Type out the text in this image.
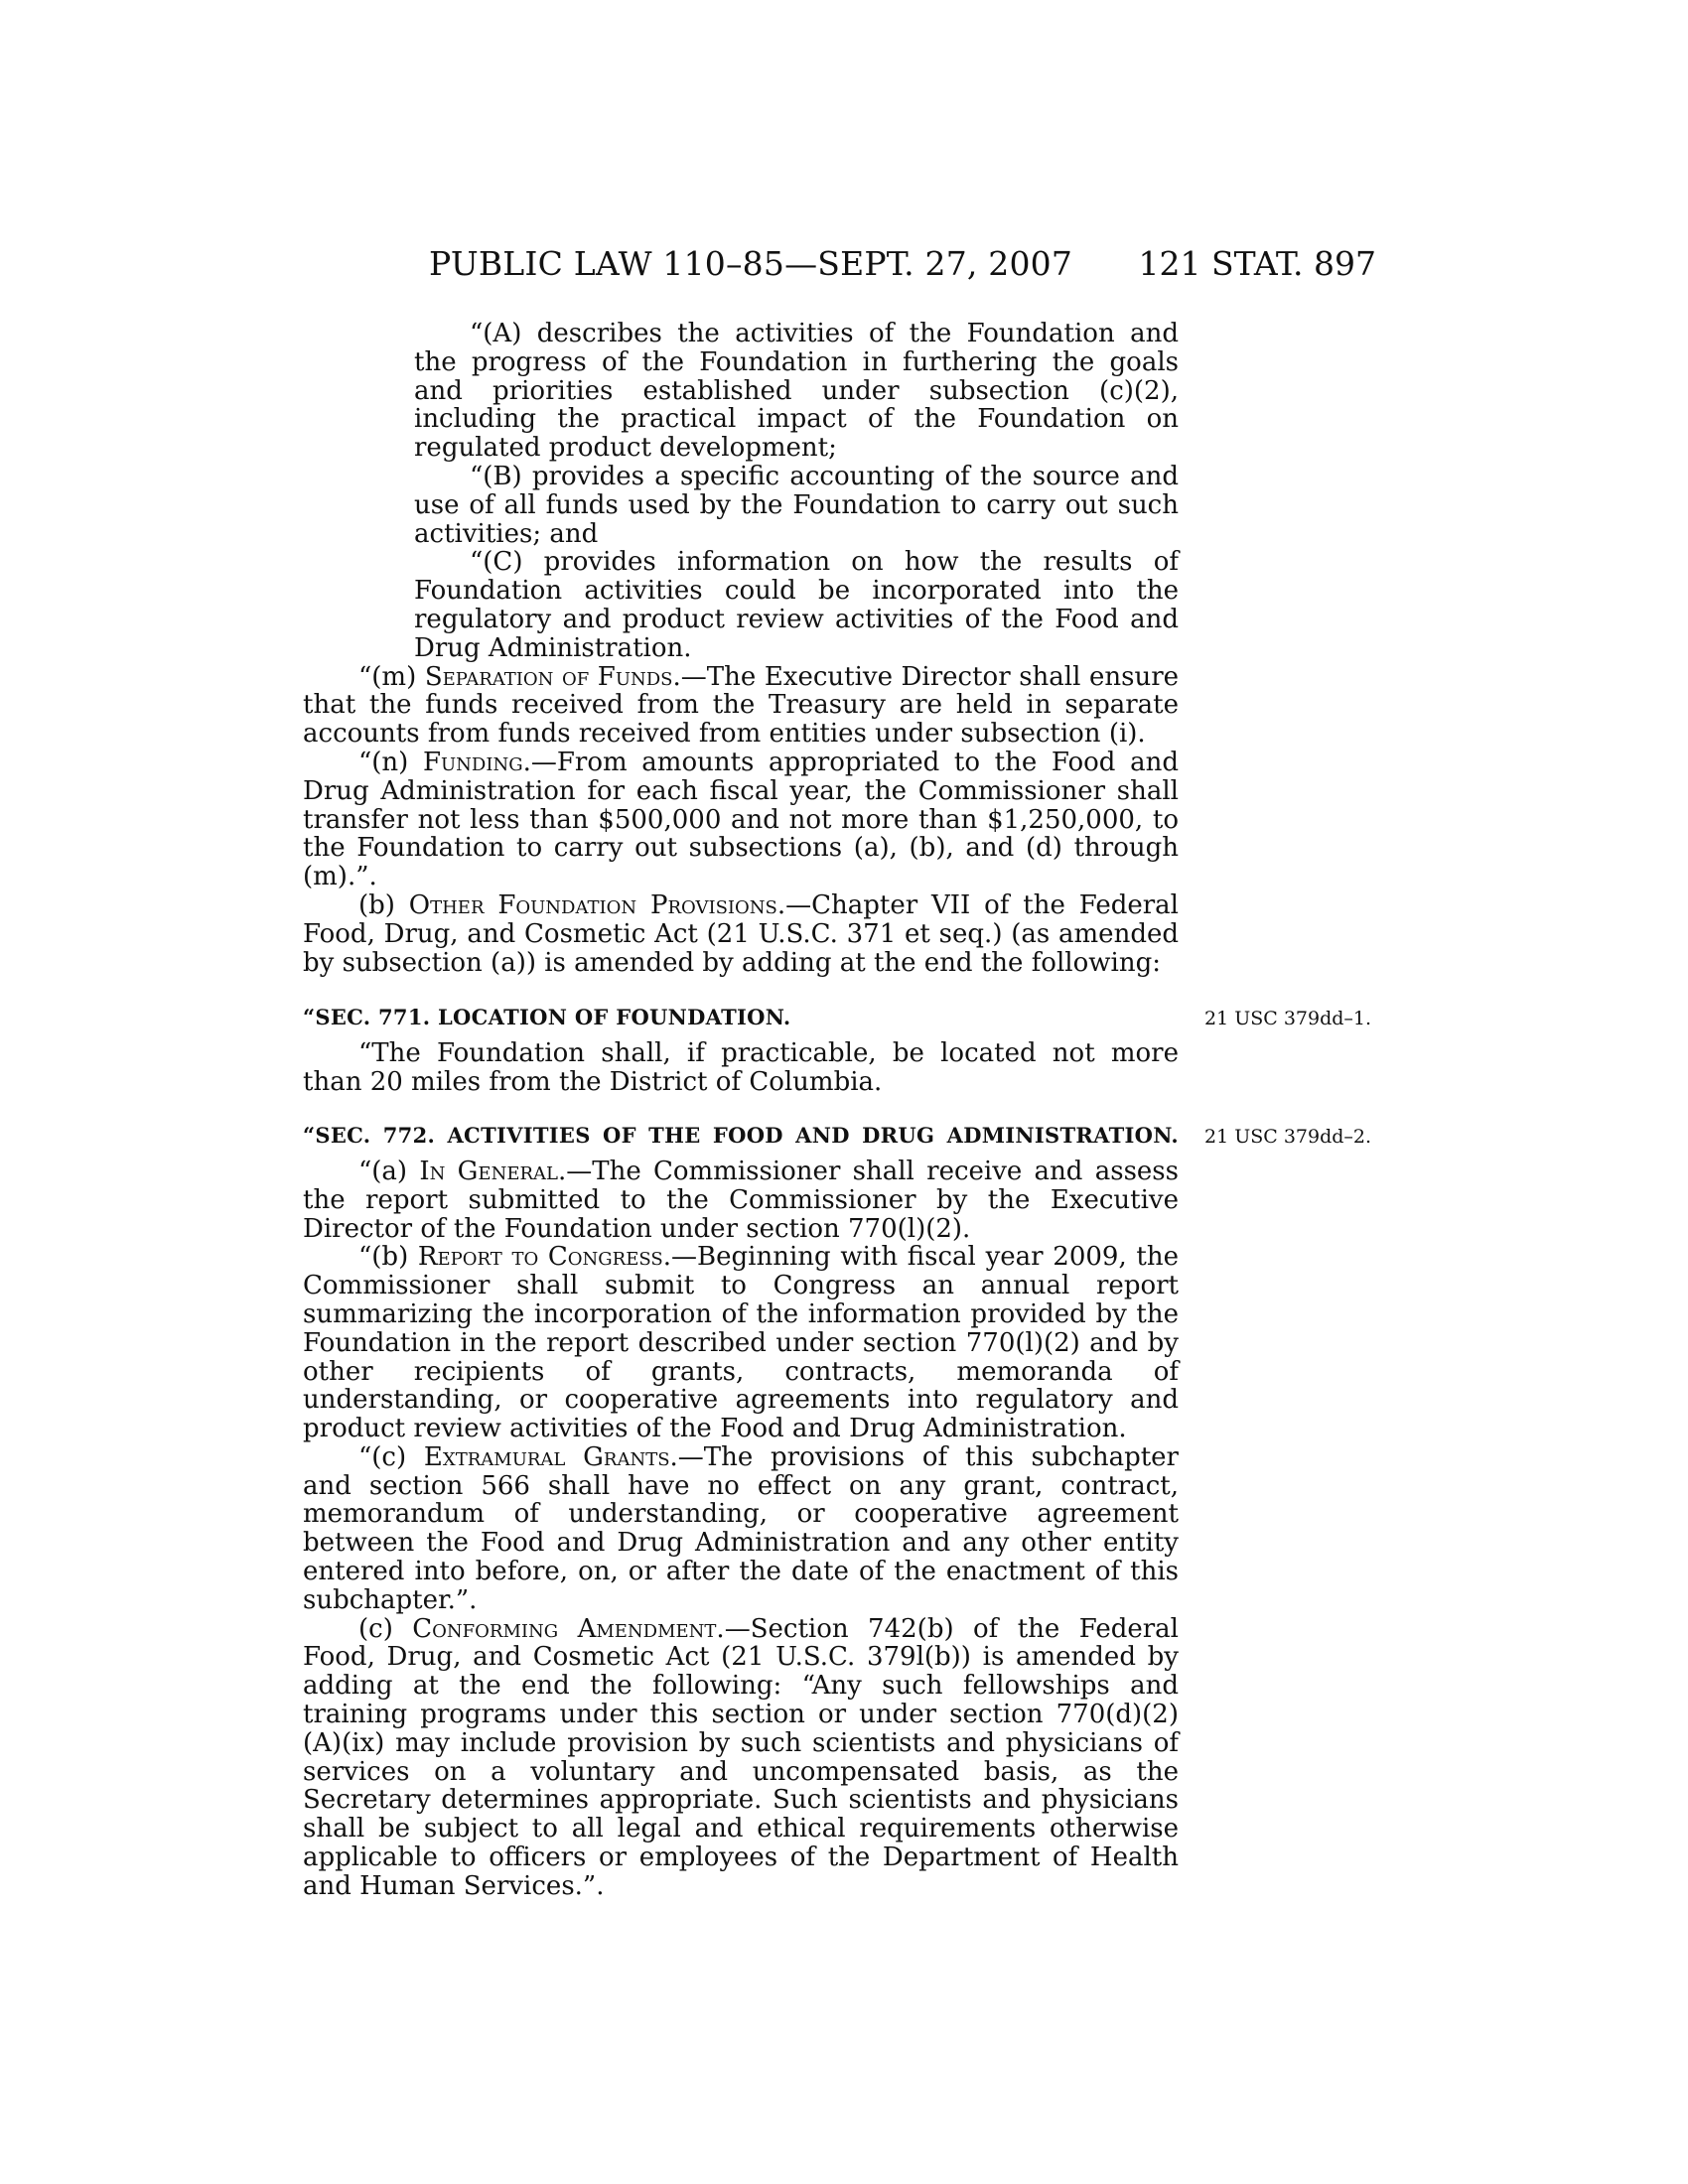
PUBLIC LAW 110–85—SEPT. 27, 2007 121 STAT. 897

“(A) describes the activities of the Foundation and the progress of the Foundation in furthering the goals and priorities established under subsection (c)(2), including the practical impact of the Foundation on regulated product development;

“(B) provides a specific accounting of the source and use of all funds used by the Foundation to carry out such activities; and

“(C) provides information on how the results of Foundation activities could be incorporated into the regulatory and product review activities of the Food and Drug Administration.

“(m) Separation of Funds.—The Executive Director shall ensure that the funds received from the Treasury are held in separate accounts from funds received from entities under subsection (i).

“(n) Funding.—From amounts appropriated to the Food and Drug Administration for each fiscal year, the Commissioner shall transfer not less than $500,000 and not more than $1,250,000, to the Foundation to carry out subsections (a), (b), and (d) through (m).”.

(b) Other Foundation Provisions.—Chapter VII of the Federal Food, Drug, and Cosmetic Act (21 U.S.C. 371 et seq.) (as amended by subsection (a)) is amended by adding at the end the following:

“SEC. 771. LOCATION OF FOUNDATION.	21 USC 379dd–1.

“The Foundation shall, if practicable, be located not more than 20 miles from the District of Columbia.

“SEC. 772. ACTIVITIES OF THE FOOD AND DRUG ADMINISTRATION. 21 USC 379dd–2.

“(a) In General.—The Commissioner shall receive and assess the report submitted to the Commissioner by the Executive Director of the Foundation under section 770(l)(2).

“(b) Report to Congress.—Beginning with fiscal year 2009, the Commissioner shall submit to Congress an annual report summarizing the incorporation of the information provided by the Foundation in the report described under section 770(l)(2) and by other recipients of grants, contracts, memoranda of understanding, or cooperative agreements into regulatory and product review activities of the Food and Drug Administration.

“(c) Extramural Grants.—The provisions of this subchapter and section 566 shall have no effect on any grant, contract, memorandum of understanding, or cooperative agreement between the Food and Drug Administration and any other entity entered into before, on, or after the date of the enactment of this subchapter.”.

(c) Conforming Amendment.—Section 742(b) of the Federal Food, Drug, and Cosmetic Act (21 U.S.C. 379l(b)) is amended by adding at the end the following: “Any such fellowships and training programs under this section or under section 770(d)(2)(A)(ix) may include provision by such scientists and physicians of services on a voluntary and uncompensated basis, as the Secretary determines appropriate. Such scientists and physicians shall be subject to all legal and ethical requirements otherwise applicable to officers or employees of the Department of Health and Human Services.”.
